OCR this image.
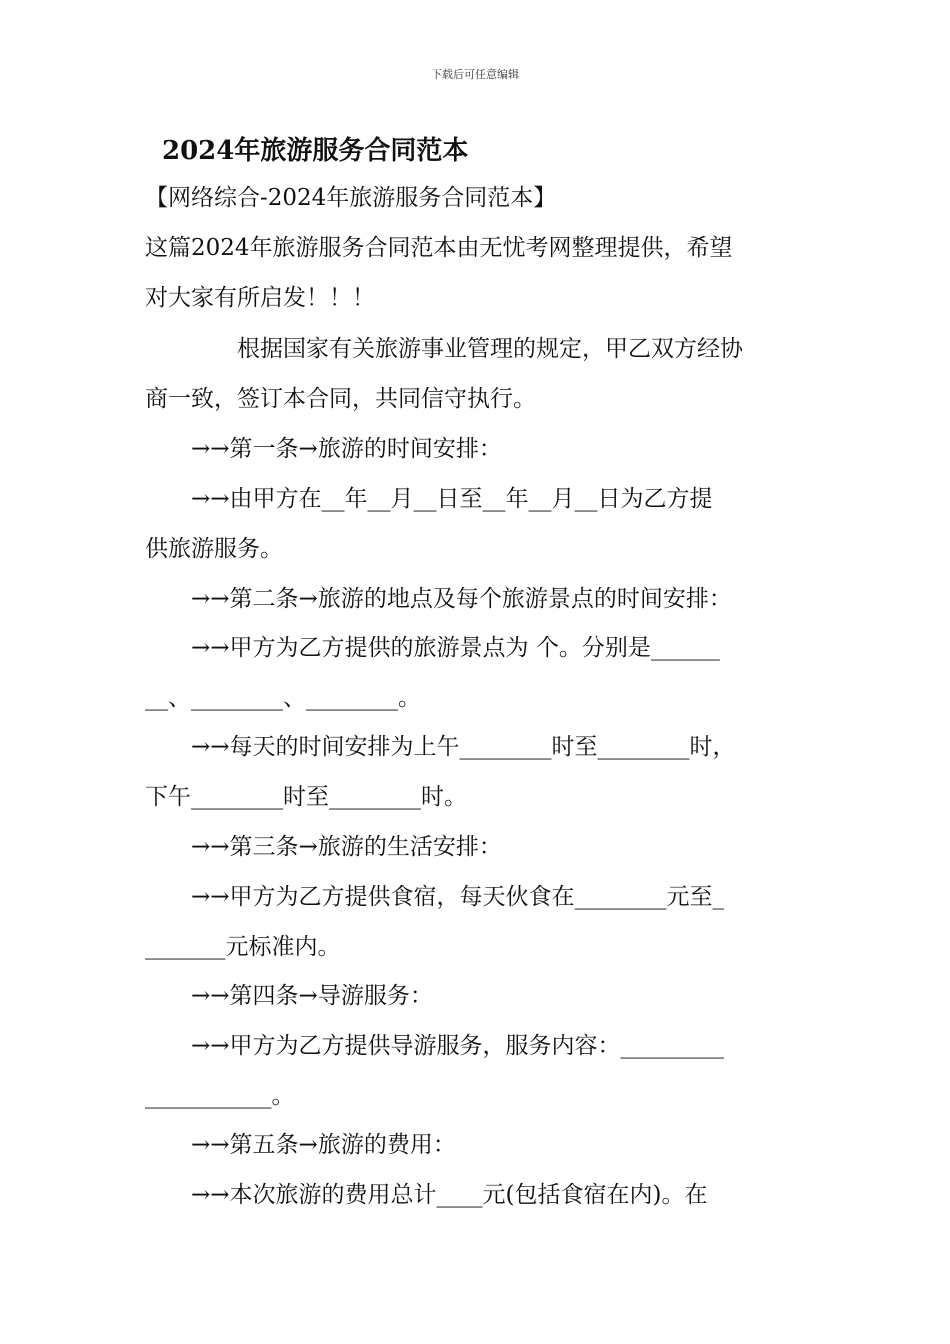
下载后可任意编辑
2024年旅游服务合同范本
【网络综合-2024年旅游服务合同范本】
这篇2024年旅游服务合同范本由无忧考网整理提供，希望
对大家有所启发！！！
　　　　根据国家有关旅游事业管理的规定，甲乙双方经协
商一致，签订本合同，共同信守执行。
　　→→第一条→旅游的时间安排：
　　→→由甲方在__年__月__日至__年__月__日为乙方提
供旅游服务。
　　→→第二条→旅游的地点及每个旅游景点的时间安排：
　　→→甲方为乙方提供的旅游景点为 个。分别是______
__、________、________。
　　→→每天的时间安排为上午________时至________时，
下午________时至________时。
　　→→第三条→旅游的生活安排：
　　→→甲方为乙方提供食宿，每天伙食在________元至_
_______元标准内。
　　→→第四条→导游服务：
　　→→甲方为乙方提供导游服务，服务内容：_________
___________。
　　→→第五条→旅游的费用：
　　→→本次旅游的费用总计____元(包括食宿在内)。在
